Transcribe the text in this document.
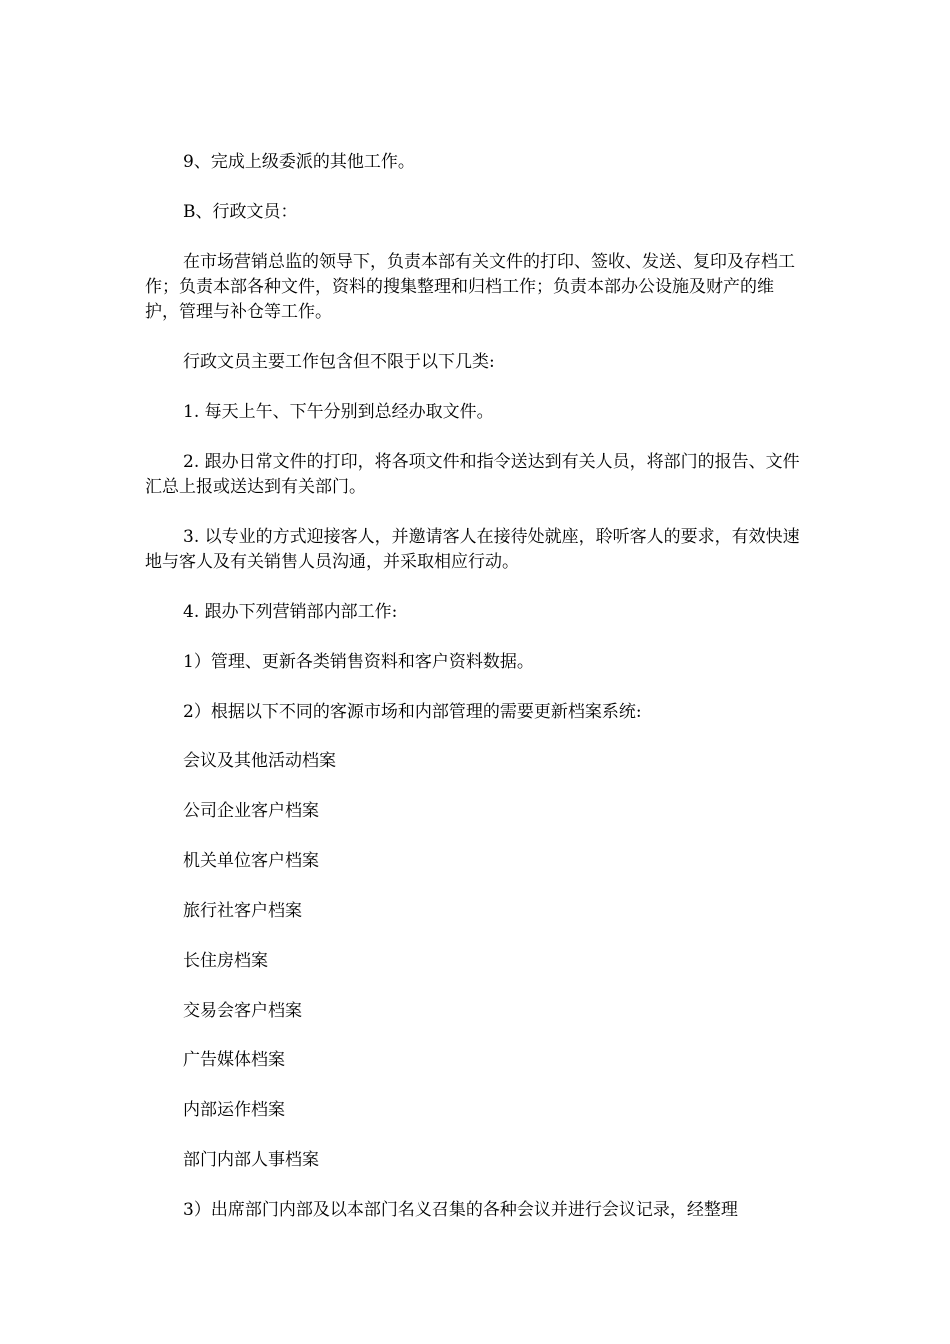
9、完成上级委派的其他工作。

B、行政文员：

在市场营销总监的领导下，负责本部有关文件的打印、签收、发送、复印及存档工作；负责本部各种文件，资料的搜集整理和归档工作；负责本部办公设施及财产的维护，管理与补仓等工作。

行政文员主要工作包含但不限于以下几类:

1. 每天上午、下午分别到总经办取文件。

2. 跟办日常文件的打印，将各项文件和指令送达到有关人员，将部门的报告、文件汇总上报或送达到有关部门。

3. 以专业的方式迎接客人，并邀请客人在接待处就座，聆听客人的要求，有效快速地与客人及有关销售人员沟通，并采取相应行动。

4. 跟办下列营销部内部工作:

1）管理、更新各类销售资料和客户资料数据。

2）根据以下不同的客源市场和内部管理的需要更新档案系统:

会议及其他活动档案

公司企业客户档案

机关单位客户档案

旅行社客户档案

长住房档案

交易会客户档案

广告媒体档案

内部运作档案

部门内部人事档案

3）出席部门内部及以本部门名义召集的各种会议并进行会议记录，经整理
